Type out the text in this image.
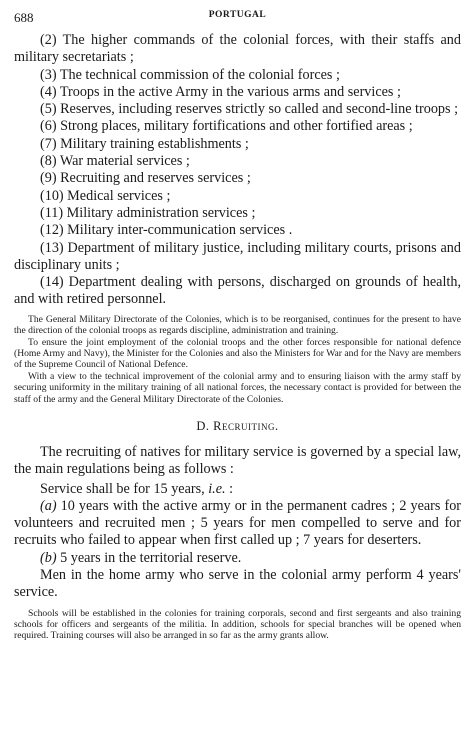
688	PORTUGAL

(2) The higher commands of the colonial forces, with their staffs and military secretariats ;

(3) The technical commission of the colonial forces ;

(4) Troops in the active Army in the various arms and services ;

(5) Reserves, including reserves strictly so called and second-line troops ;

(6) Strong places, military fortifications and other fortified areas ;

(7) Military training establishments ;

(8) War material services ;

(9) Recruiting and reserves services ;

(10) Medical services ;

(11) Military administration services ;

(12) Military inter-communication services .

(13) Department of military justice, including military courts, prisons and disciplinary units ;

(14) Department dealing with persons, discharged on grounds of health, and with retired personnel.

The General Military Directorate of the Colonies, which is to be reorganised, continues for the present to have the direction of the colonial troops as regards discipline, administration and training.

To ensure the joint employment of the colonial troops and the other forces responsible for national defence (Home Army and Navy), the Minister for the Colonies and also the Ministers for War and for the Navy are members of the Supreme Council of National Defence.

With a view to the technical improvement of the colonial army and to ensuring liaison with the army staff by securing uniformity in the military training of all national forces, the necessary contact is provided for between the staff of the army and the General Military Directorate of the Colonies.

D. Recruiting.

The recruiting of natives for military service is governed by a special law, the main regulations being as follows :

Service shall be for 15 years, i.e. :

(a) 10 years with the active army or in the permanent cadres ; 2 years for volunteers and recruited men ; 5 years for men compelled to serve and for recruits who failed to appear when first called up ; 7 years for deserters.

(b) 5 years in the territorial reserve.

Men in the home army who serve in the colonial army perform 4 years' service.

Schools will be established in the colonies for training corporals, second and first sergeants and also training schools for officers and sergeants of the militia. In addition, schools for special branches will be opened when required. Training courses will also be arranged in so far as the army grants allow.
